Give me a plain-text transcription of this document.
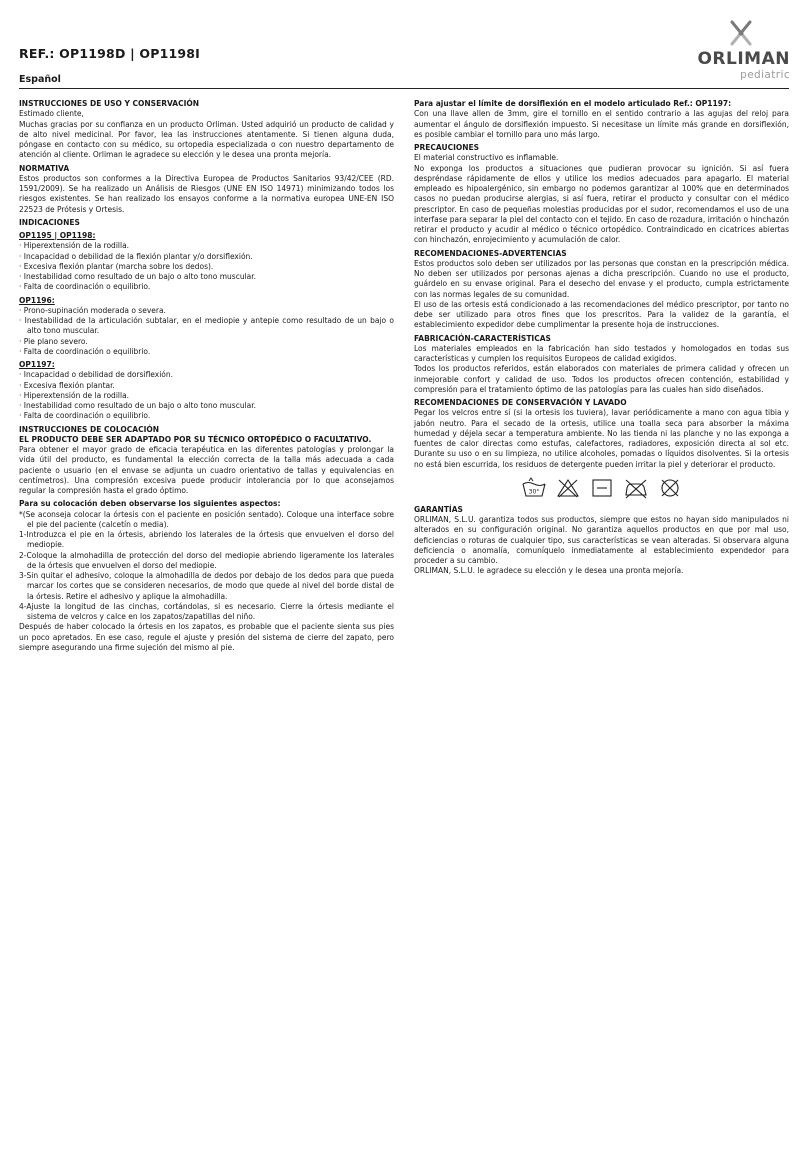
REF.: OP1198D | OP1198I	ORLIMAN
pediatric
Español

INSTRUCCIONES DE USO Y CONSERVACIÓN

Estimado cliente,

Muchas gracias por su confianza en un producto Orliman. Usted adquirió un producto de calidad y de alto nivel medicinal. Por favor, lea las instrucciones atentamente. Si tienen alguna duda, póngase en contacto con su médico, su ortopedia especializada o con nuestro departamento de atención al cliente. Orliman le agradece su elección y le desea una pronta mejoría.

NORMATIVA

Estos productos son conformes a la Directiva Europea de Productos Sanitarios 93/42/CEE (RD. 1591/2009). Se ha realizado un Análisis de Riesgos (UNE EN ISO 14971) minimizando todos los riesgos existentes. Se han realizado los ensayos conforme a la normativa europea UNE-EN ISO 22523 de Prótesis y Ortesis.

INDICACIONES

OP1195 | OP1198:

· Hiperextensión de la rodilla.

· Incapacidad o debilidad de la flexión plantar y/o dorsiflexión.

· Excesiva flexión plantar (marcha sobre los dedos).

· Inestabilidad como resultado de un bajo o alto tono muscular.

· Falta de coordinación o equilibrio.

OP1196:

· Prono-supinación moderada o severa.

· Inestabilidad de la articulación subtalar, en el mediopie y antepie como resultado de un bajo o alto tono muscular.

· Pie plano severo.

· Falta de coordinación o equilibrio.

OP1197:

· Incapacidad o debilidad de dorsiflexión.

· Excesiva flexión plantar.

· Hiperextensión de la rodilla.

· Inestabilidad como resultado de un bajo o alto tono muscular.

· Falta de coordinación o equilibrio.

INSTRUCCIONES DE COLOCACIÓN

EL PRODUCTO DEBE SER ADAPTADO POR SU TÉCNICO ORTOPÉDICO O FACULTATIVO.

Para obtener el mayor grado de eficacia terapéutica en las diferentes patologías y prolongar la vida útil del producto, es fundamental la elección correcta de la talla más adecuada a cada paciente o usuario (en el envase se adjunta un cuadro orientativo de tallas y equivalencias en centímetros). Una compresión excesiva puede producir intolerancia por lo que aconsejamos regular la compresión hasta el grado óptimo.

Para su colocación deben observarse los siguientes aspectos:

*(Se aconseja colocar la órtesis con el paciente en posición sentado). Coloque una interface sobre el pie del paciente (calcetín o media).

1-Introduzca el pie en la órtesis, abriendo los laterales de la órtesis que envuelven el dorso del mediopie.

2-Coloque la almohadilla de protección del dorso del mediopie abriendo ligeramente los laterales de la órtesis que envuelven el dorso del mediopie.

3-Sin quitar el adhesivo, coloque la almohadilla de dedos por debajo de los dedos para que pueda marcar los cortes que se consideren necesarios, de modo que quede al nivel del borde distal de la órtesis. Retire el adhesivo y aplique la almohadilla.

4-Ajuste la longitud de las cinchas, cortándolas, si es necesario. Cierre la órtesis mediante el sistema de velcros y calce en los zapatos/zapatillas del niño.

Después de haber colocado la órtesis en los zapatos, es probable que el paciente sienta sus pies un poco apretados. En ese caso, regule el ajuste y presión del sistema de cierre del zapato, pero siempre asegurando una firme sujeción del mismo al pie.

Para ajustar el límite de dorsiflexión en el modelo articulado Ref.: OP1197:

Con una llave allen de 3mm, gire el tornillo en el sentido contrario a las agujas del reloj para aumentar el ángulo de dorsiflexión impuesto. Si necesitase un límite más grande en dorsiflexión, es posible cambiar el tornillo para uno más largo.

PRECAUCIONES

El material constructivo es inflamable.

No exponga los productos a situaciones que pudieran provocar su ignición. Si así fuera despréndase rápidamente de ellos y utilice los medios adecuados para apagarlo. El material empleado es hipoalergénico, sin embargo no podemos garantizar al 100% que en determinados casos no puedan producirse alergias, si así fuera, retirar el producto y consultar con el médico prescriptor. En caso de pequeñas molestias producidas por el sudor, recomendamos el uso de una interfase para separar la piel del contacto con el tejido. En caso de rozadura, irritación o hinchazón retirar el producto y acudir al médico o técnico ortopédico. Contraindicado en cicatrices abiertas con hinchazón, enrojecimiento y acumulación de calor.

RECOMENDACIONES-ADVERTENCIAS

Estos productos solo deben ser utilizados por las personas que constan en la prescripción médica. No deben ser utilizados por personas ajenas a dicha prescripción. Cuando no use el producto, guárdelo en su envase original. Para el desecho del envase y el producto, cumpla estrictamente con las normas legales de su comunidad.

El uso de las ortesis está condicionado a las recomendaciones del médico prescriptor, por tanto no debe ser utilizado para otros fines que los prescritos. Para la validez de la garantía, el establecimiento expedidor debe cumplimentar la presente hoja de instrucciones.

FABRICACIÓN-CARACTERÍSTICAS

Los materiales empleados en la fabricación han sido testados y homologados en todas sus características y cumplen los requisitos Europeos de calidad exigidos.

Todos los productos referidos, están elaborados con materiales de primera calidad y ofrecen un inmejorable confort y calidad de uso. Todos los productos ofrecen contención, estabilidad y compresión para el tratamiento óptimo de las patologías para las cuales han sido diseñados.

RECOMENDACIONES DE CONSERVACIÓN Y LAVADO

Pegar los velcros entre sí (si la ortesis los tuviera), lavar periódicamente a mano con agua tibia y jabón neutro. Para el secado de la ortesis, utilice una toalla seca para absorber la máxima humedad y déjela secar a temperatura ambiente. No las tienda ni las planche y no las exponga a fuentes de calor directas como estufas, calefactores, radiadores, exposición directa al sol etc. Durante su uso o en su limpieza, no utilice alcoholes, pomadas o líquidos disolventes. Si la ortesis no está bien escurrida, los residuos de detergente pueden irritar la piel y deteriorar el producto.

30°

GARANTÍAS

ORLIMAN, S.L.U. garantiza todos sus productos, siempre que estos no hayan sido manipulados ni alterados en su configuración original. No garantiza aquellos productos en que por mal uso, deficiencias o roturas de cualquier tipo, sus características se vean alteradas. Si observara alguna deficiencia o anomalía, comuníquelo inmediatamente al establecimiento expendedor para proceder a su cambio.

ORLIMAN, S.L.U. le agradece su elección y le desea una pronta mejoría.
